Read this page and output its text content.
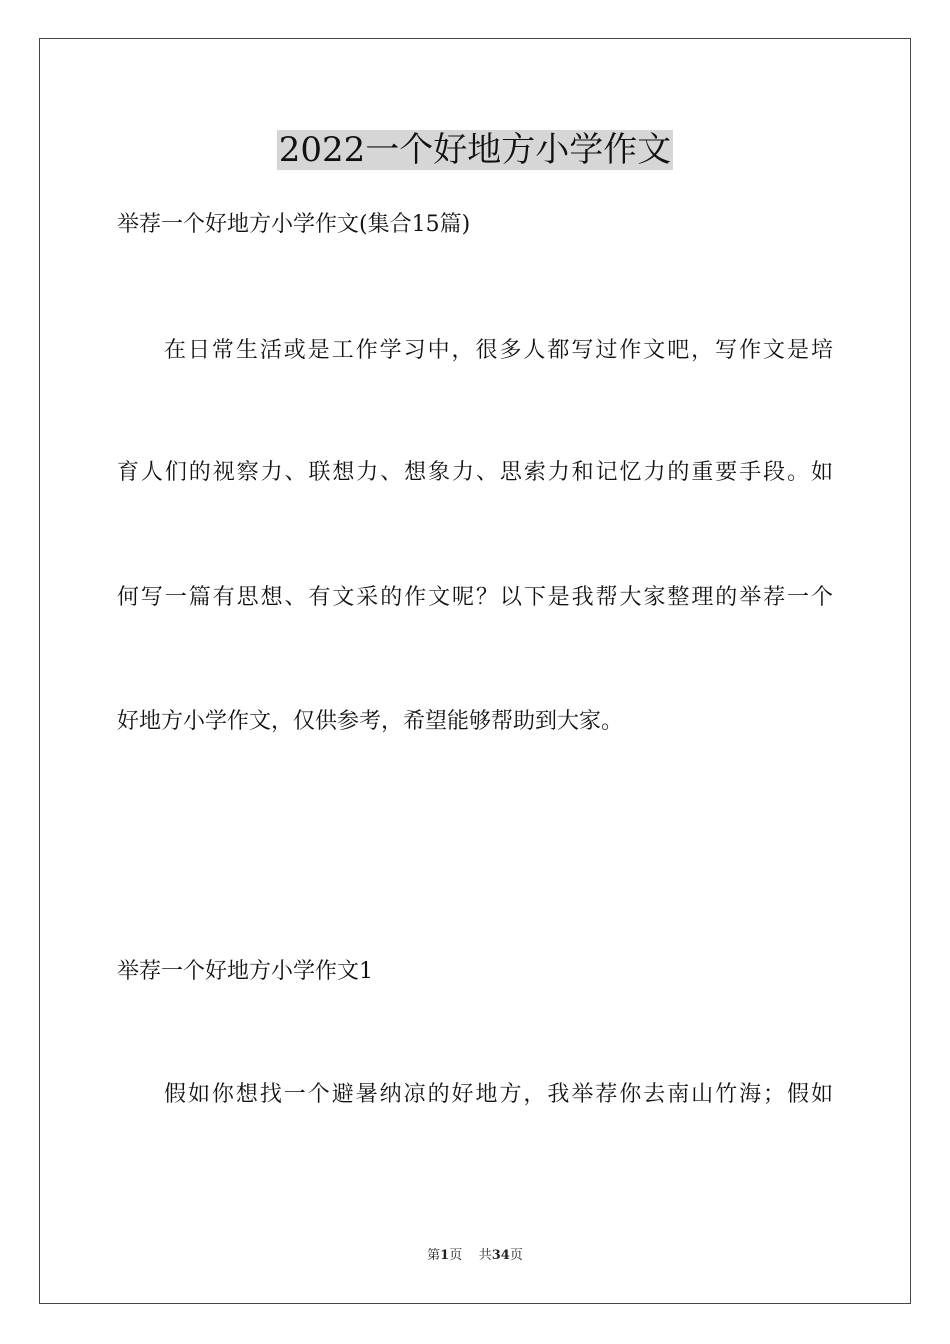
2022一个好地方小学作文
举荐一个好地方小学作文(集合15篇)
在日常生活或是工作学习中，很多人都写过作文吧，写作文是培
育人们的视察力、联想力、想象力、思索力和记忆力的重要手段。如
何写一篇有思想、有文采的作文呢？以下是我帮大家整理的举荐一个
好地方小学作文，仅供参考，希望能够帮助到大家。
举荐一个好地方小学作文1
假如你想找一个避暑纳凉的好地方，我举荐你去南山竹海；假如
第1页 共34页
